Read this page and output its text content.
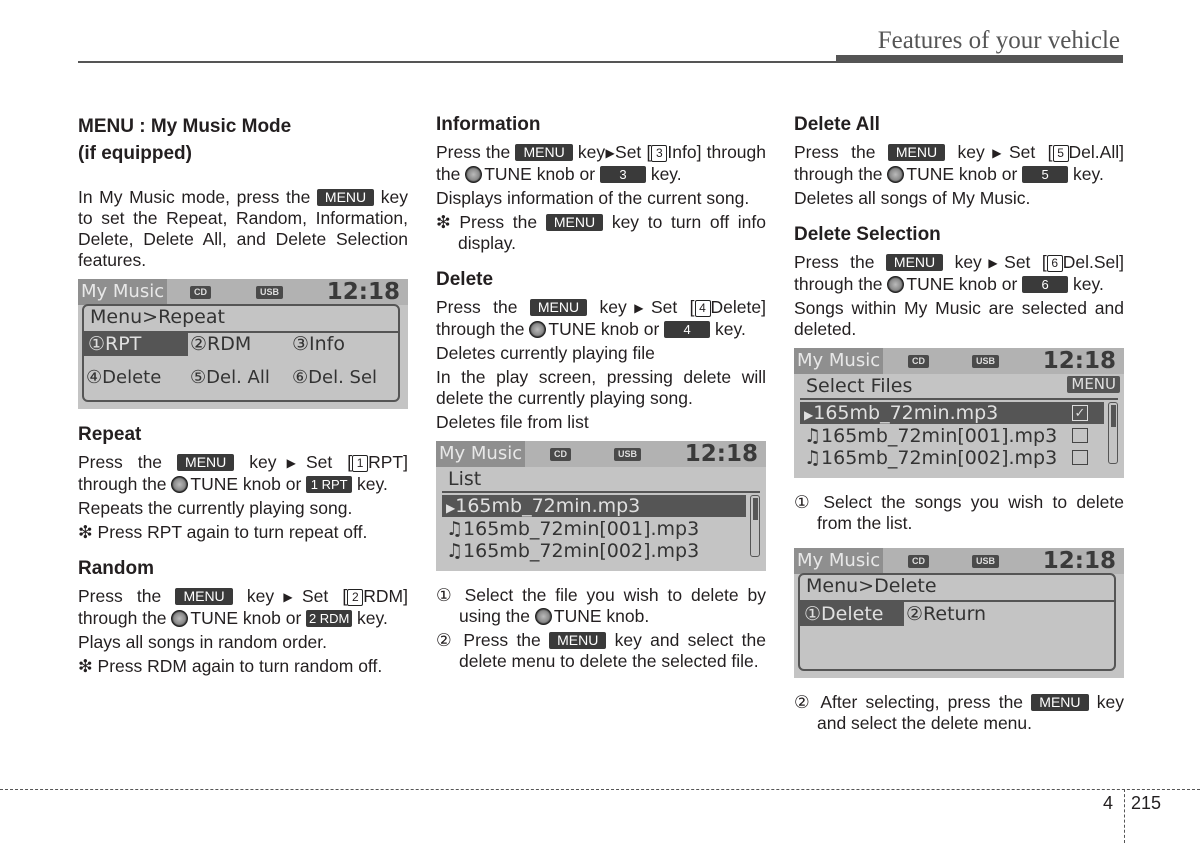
Features of your vehicle
MENU : My Music Mode
(if equipped)

In My Music mode, press the MENU key to set the Repeat, Random, Information, Delete, Delete All, and Delete Selection features.

My Music	CD	USB 12:18
Menu>Repeat
①RPT	②RDM ③Info
④Delete ⑤Del. All ⑥Del. Sel
Repeat

Press the MENU key▶Set [ 1 RPT] through the TUNE knob or 1 RPT key.

Repeats the currently playing song.

❇ Press RPT again to turn repeat off.

Random

Press the MENU key▶Set [ 2 RDM] through the TUNE knob or 2 RDM key.

Plays all songs in random order.

❇ Press RDM again to turn random off.

Information

Press the MENU key▶Set [ 3 Info] through the TUNE knob or 3 key.

Displays information of the current song.

❇ Press the MENU key to turn off info display.

Delete

Press the MENU key▶Set [ 4 Delete] through the TUNE knob or 4 key.

Deletes currently playing file

In the play screen, pressing delete will delete the currently playing song.

Deletes file from list

My Music	CD	USB 12:18
List
▶165mb_72min.mp3
♫165mb_72min[001].mp3
♫165mb_72min[002].mp3

① Select the file you wish to delete by using the TUNE knob.

② Press the MENU key and select the delete menu to delete the selected file.

Delete All

Press the MENU key▶Set [ 5 Del.All] through the TUNE knob or 5 key.

Deletes all songs of My Music.

Delete Selection

Press the MENU key▶Set [ 6 Del.Sel] through the TUNE knob or 6 key.

Songs within My Music are selected and deleted.

My Music	CD	USB 12:18
Select Files	MENU
▶165mb_72min.mp3
♫165mb_72min[001].mp3
♫165mb_72min[002].mp3
✓

① Select the songs you wish to delete from the list.

My Music	CD	USB 12:18
Menu>Delete
①Delete	②Return

② After selecting, press the MENU key and select the delete menu.

4 215
